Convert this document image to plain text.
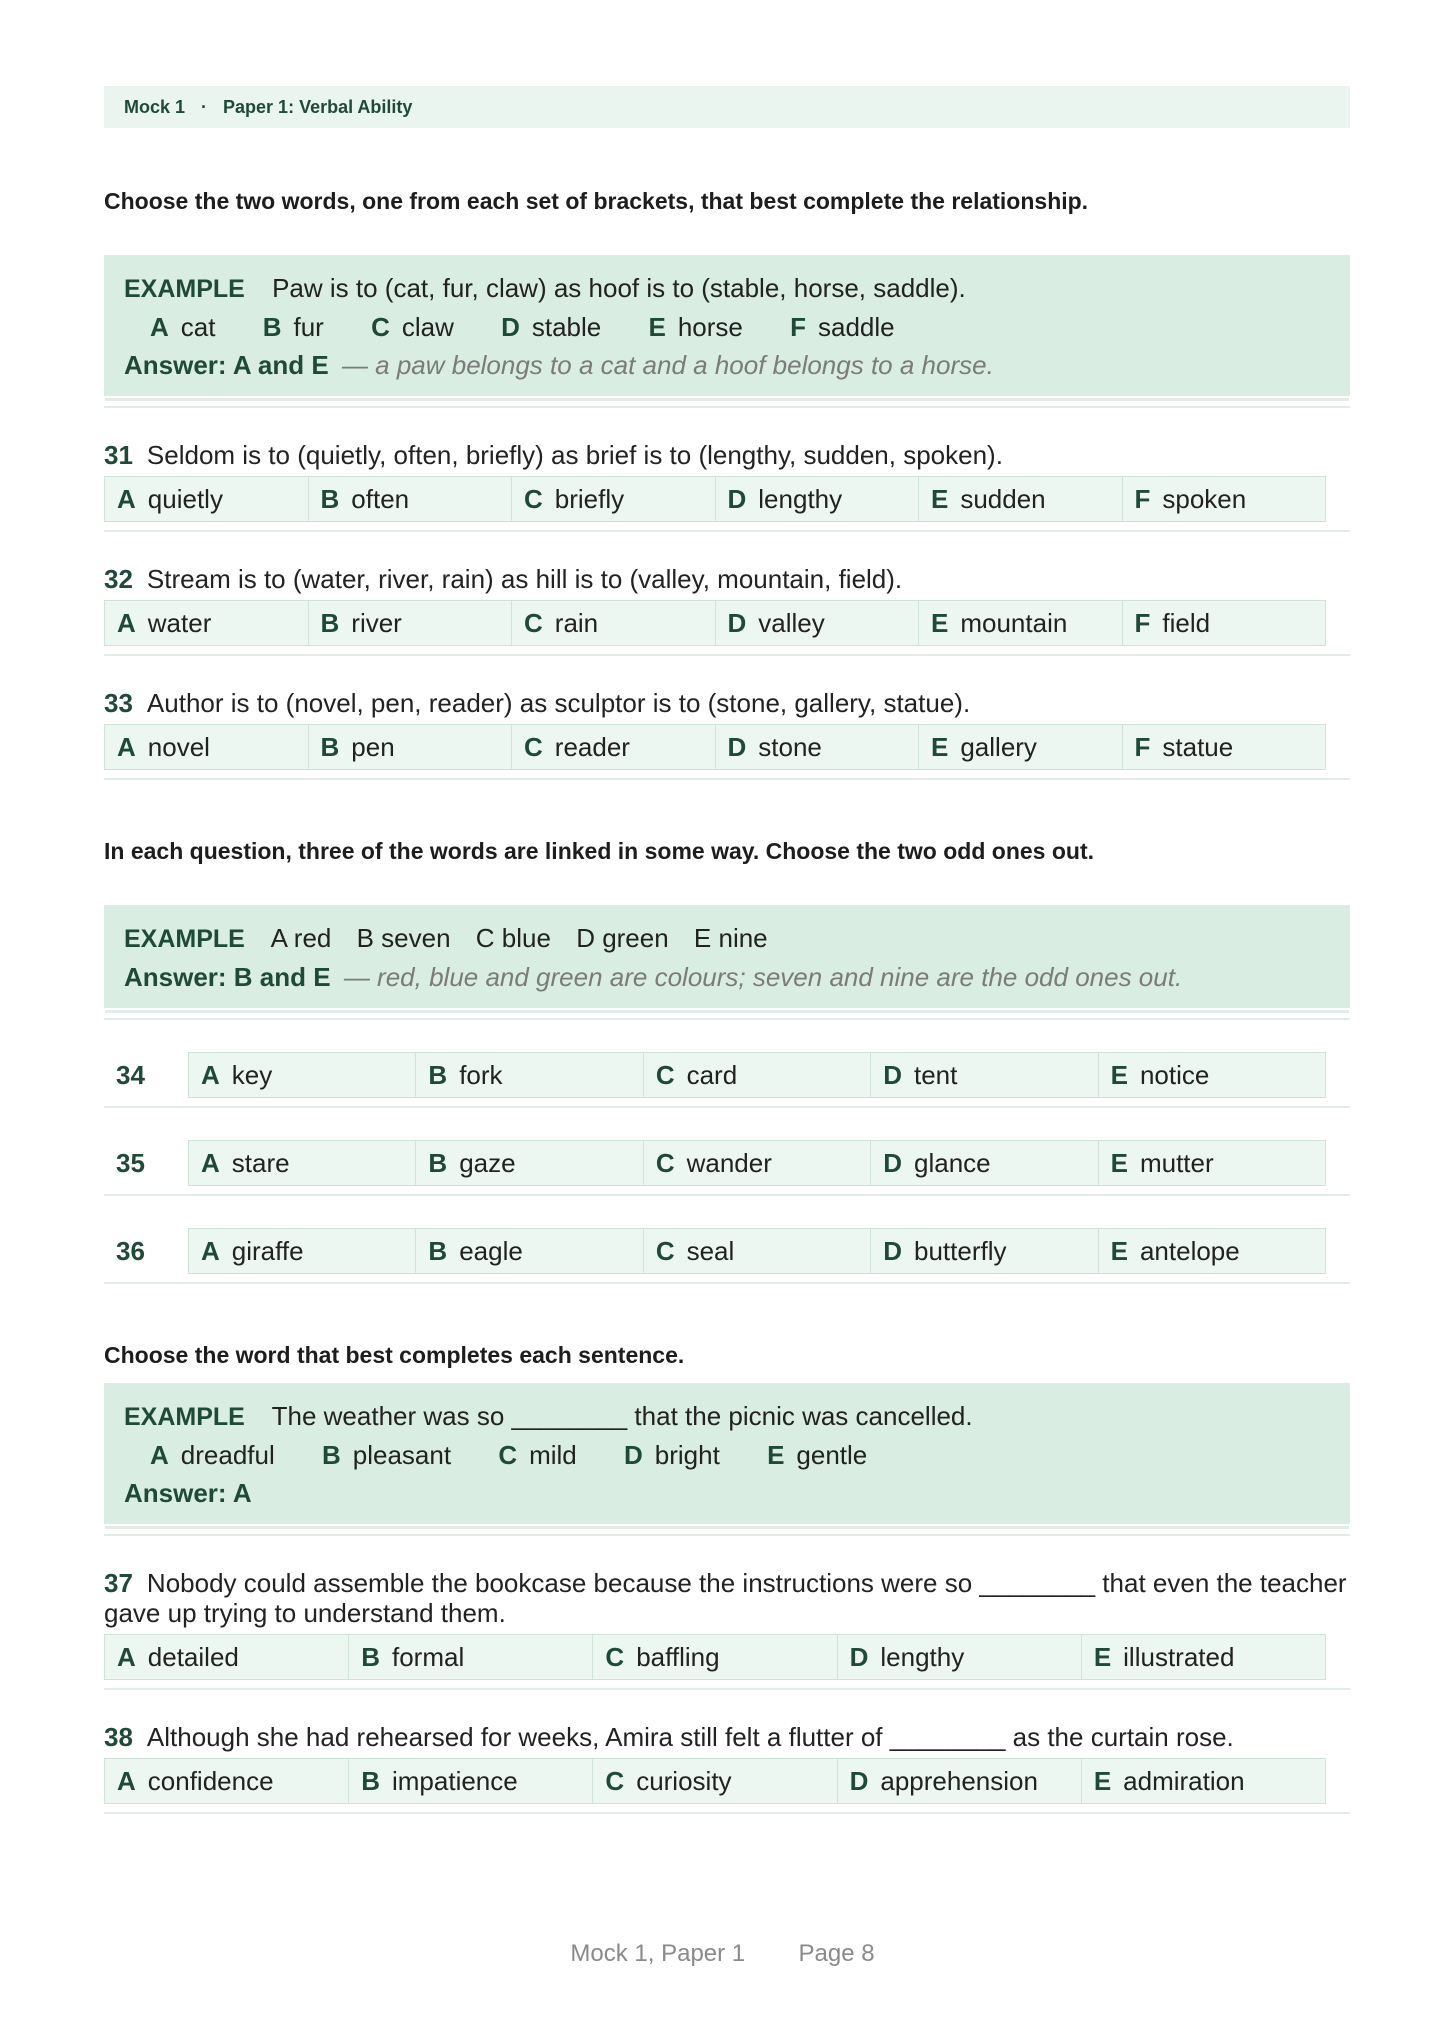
Mock 1 · Paper 1: Verbal Ability
Choose the two words, one from each set of brackets, that best complete the relationship.
EXAMPLE Paw is to (cat, fur, claw) as hoof is to (stable, horse, saddle).
A cat B fur C claw D stable E horse F saddle
Answer: A and E — a paw belongs to a cat and a hoof belongs to a horse.
31 Seldom is to (quietly, often, briefly) as brief is to (lengthy, sudden, spoken).
A quietly	B often	C briefly	D lengthy	E sudden	F spoken
32 Stream is to (water, river, rain) as hill is to (valley, mountain, field).
A water	B river	C rain	D valley	E mountain	F field
33 Author is to (novel, pen, reader) as sculptor is to (stone, gallery, statue).
A novel	B pen	C reader	D stone	E gallery	F statue
In each question, three of the words are linked in some way. Choose the two odd ones out.
EXAMPLE A red B seven C blue D green E nine
Answer: B and E — red, blue and green are colours; seven and nine are the odd ones out.
34	A key	B fork	C card	D tent	E notice
35	A stare	B gaze	C wander	D glance	E mutter
36	A giraffe	B eagle	C seal	D butterfly	E antelope
Choose the word that best completes each sentence.
EXAMPLE The weather was so ________ that the picnic was cancelled.
A dreadful B pleasant C mild D bright E gentle
Answer: A
37 Nobody could assemble the bookcase because the instructions were so ________ that even the teacher gave up trying to understand them.
A detailed	B formal	C baffling	D lengthy	E illustrated
38 Although she had rehearsed for weeks, Amira still felt a flutter of ________ as the curtain rose.
A confidence	B impatience	C curiosity	D apprehension E admiration
Mock 1, Paper 1 Page 8
